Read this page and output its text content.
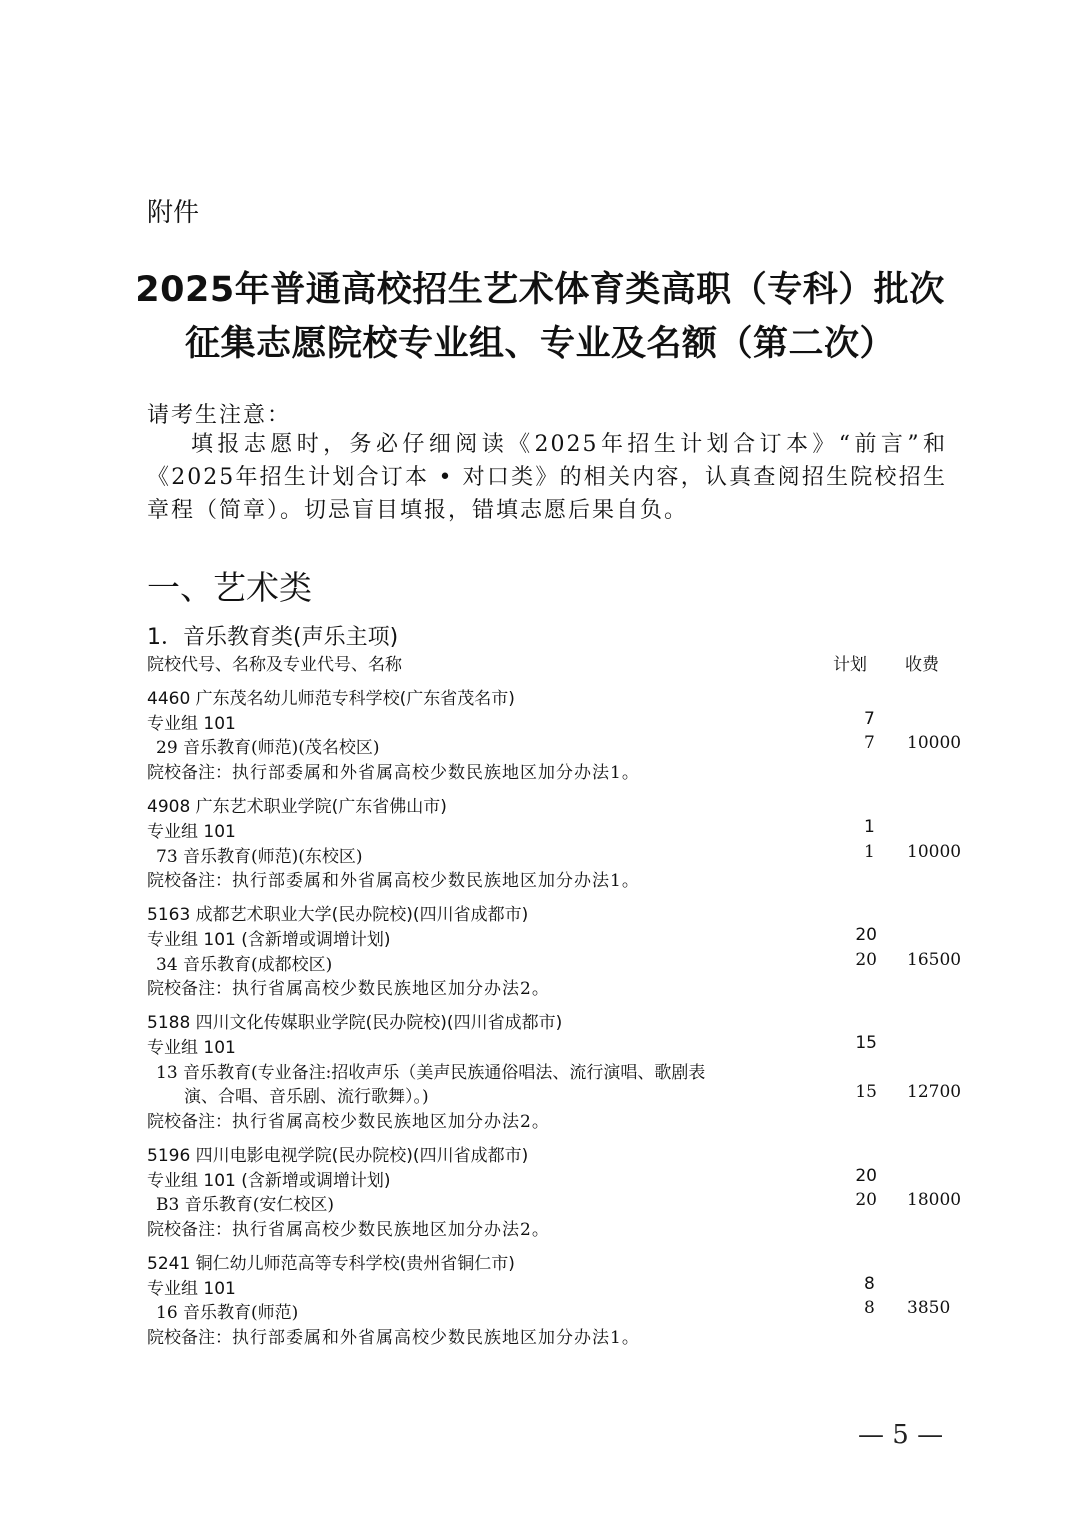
附件
2025年普通高校招生艺术体育类高职（专科）批次
征集志愿院校专业组、专业及名额（第二次）
请考生注意：
填报志愿时，务必仔细阅读《2025年招生计划合订本》“前言”和《2025年招生计划合订本 • 对口类》的相关内容，认真查阅招生院校招生章程（简章）。切忌盲目填报，错填志愿后果自负。
一、艺术类
1．音乐教育类(声乐主项)
院校代号、名称及专业代号、名称	计划 收费
4460 广东茂名幼儿师范专科学校(广东省茂名市)
专业组 101	7
29 音乐教育(师范)(茂名校区)	7	10000
院校备注：执行部委属和外省属高校少数民族地区加分办法1。
4908 广东艺术职业学院(广东省佛山市)
专业组 101	1
73 音乐教育(师范)(东校区)	1	10000
院校备注：执行部委属和外省属高校少数民族地区加分办法1。
5163 成都艺术职业大学(民办院校)(四川省成都市)
专业组 101 (含新增或调增计划)	20
34 音乐教育(成都校区)	20 16500
院校备注：执行省属高校少数民族地区加分办法2。
5188 四川文化传媒职业学院(民办院校)(四川省成都市)
专业组 101	15
13 音乐教育(专业备注:招收声乐（美声民族通俗唱法、流行演唱、歌剧表
演、合唱、音乐剧、流行歌舞）。)	15 12700
院校备注：执行省属高校少数民族地区加分办法2。
5196 四川电影电视学院(民办院校)(四川省成都市)
专业组 101 (含新增或调增计划)	20
B3 音乐教育(安仁校区)	20 18000
院校备注：执行省属高校少数民族地区加分办法2。
5241 铜仁幼儿师范高等专科学校(贵州省铜仁市)
专业组 101	8
16 音乐教育(师范)	8	3850
院校备注：执行部委属和外省属高校少数民族地区加分办法1。
— 5 —
